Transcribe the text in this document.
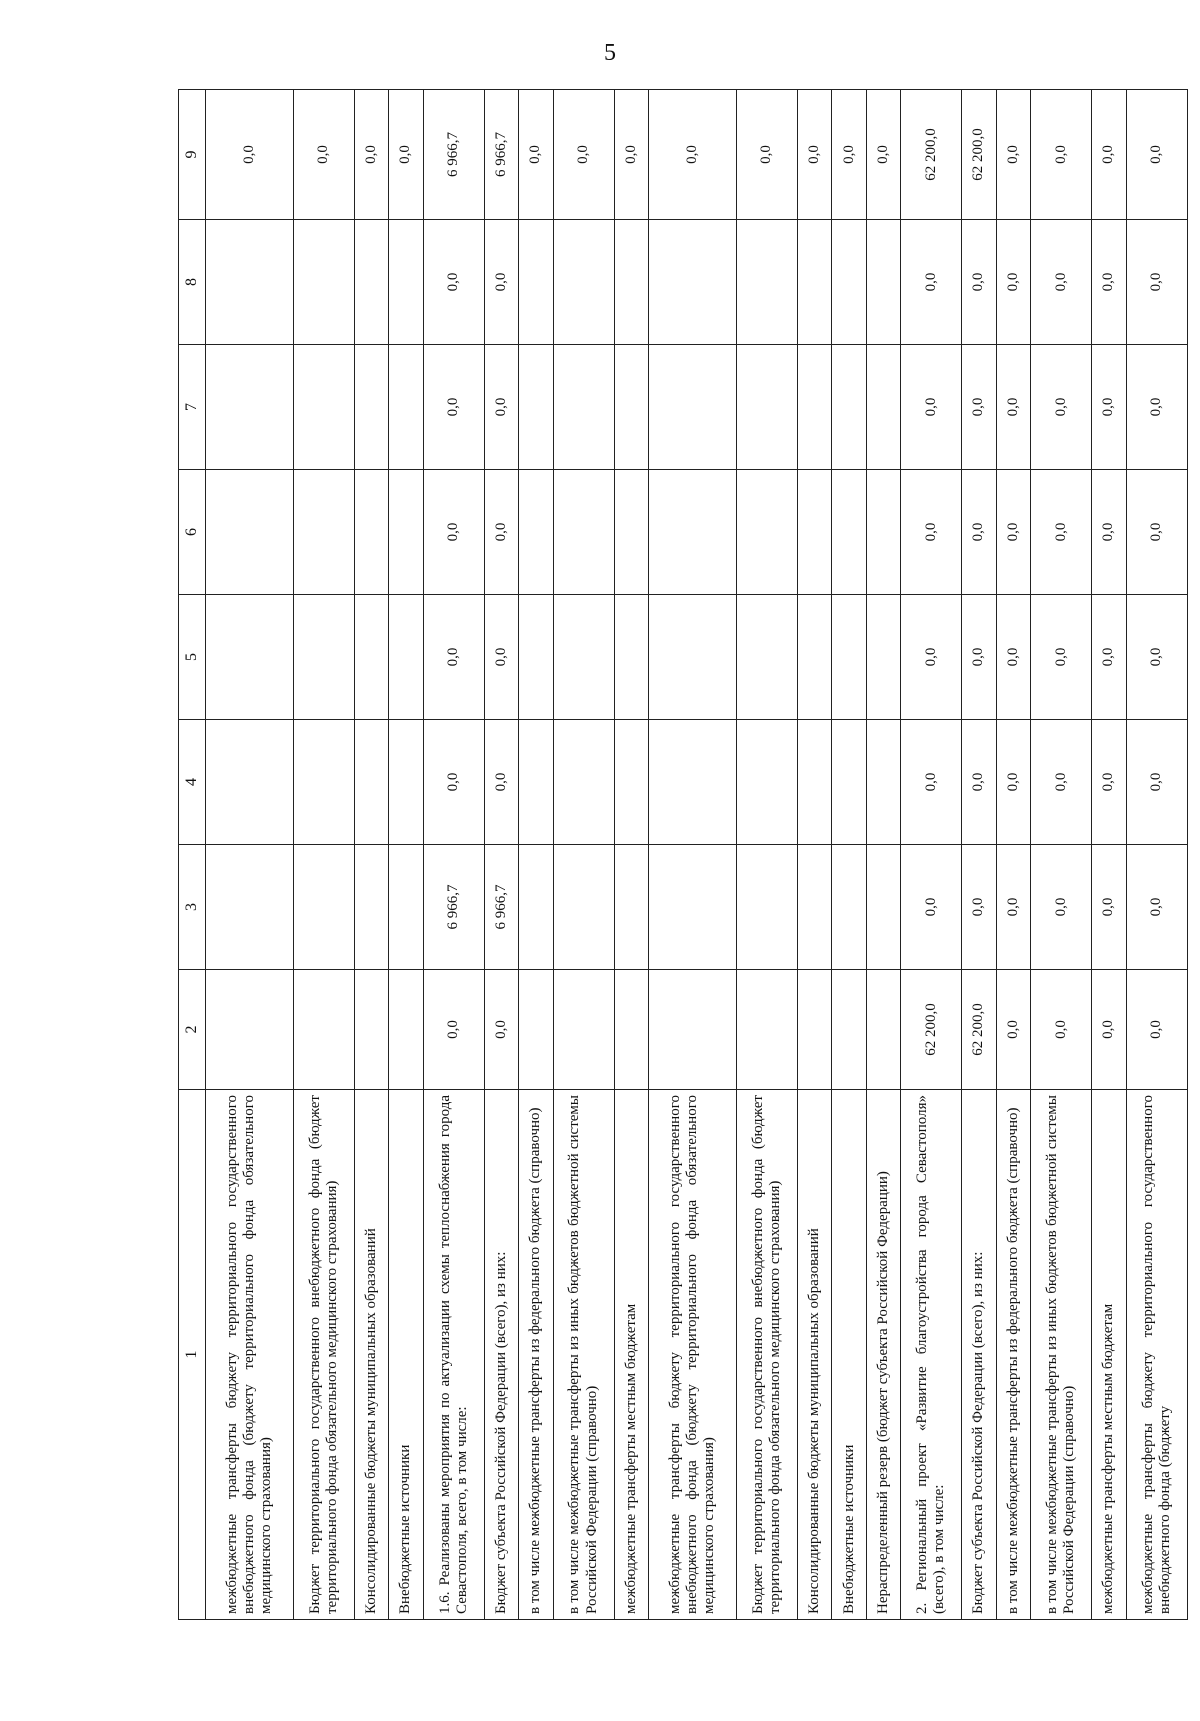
5
1	2	3	4	5	6	7	8	9
межбюджетные трансферты бюджету территориального государственного внебюджетного фонда (бюджету территориального фонда обязательного медицинского страхования)								0,0
Бюджет территориального государственного внебюджетного фонда (бюджет территориального фонда обязательного медицинского страхования)								0,0
Консолидированные бюджеты муниципальных образований								0,0
Внебюджетные источники								0,0
1.6. Реализованы мероприятия по актуализации схемы теплоснабжения города Севастополя, всего, в том числе:	0,0	6 966,7	0,0	0,0	0,0	0,0	0,0	6 966,7
Бюджет субъекта Российской Федерации (всего), из них:	0,0	6 966,7	0,0	0,0	0,0	0,0	0,0	6 966,7
в том числе межбюджетные трансферты из федерального бюджета (справочно)								0,0
в том числе межбюджетные трансферты из иных бюджетов бюджетной системы Российской Федерации (справочно)								0,0
межбюджетные трансферты местным бюджетам								0,0
межбюджетные трансферты бюджету территориального государственного внебюджетного фонда (бюджету территориального фонда обязательного медицинского страхования)								0,0
Бюджет территориального государственного внебюджетного фонда (бюджет территориального фонда обязательного медицинского страхования)								0,0
Консолидированные бюджеты муниципальных образований								0,0
Внебюджетные источники								0,0
Нераспределенный резерв (бюджет субъекта Российской Федерации)								0,0
2. Региональный проект «Развитие благоустройства города Севастополя» (всего), в том числе:	62 200,0	0,0	0,0	0,0	0,0	0,0	0,0	62 200,0
Бюджет субъекта Российской Федерации (всего), из них:	62 200,0	0,0	0,0	0,0	0,0	0,0	0,0	62 200,0
в том числе межбюджетные трансферты из федерального бюджета (справочно)	0,0	0,0	0,0	0,0	0,0	0,0	0,0	0,0
в том числе межбюджетные трансферты из иных бюджетов бюджетной системы Российской Федерации (справочно)	0,0	0,0	0,0	0,0	0,0	0,0	0,0	0,0
межбюджетные трансферты местным бюджетам	0,0	0,0	0,0	0,0	0,0	0,0	0,0	0,0
межбюджетные трансферты бюджету территориального государственного внебюджетного фонда (бюджету	0,0	0,0	0,0	0,0	0,0	0,0	0,0	0,0
